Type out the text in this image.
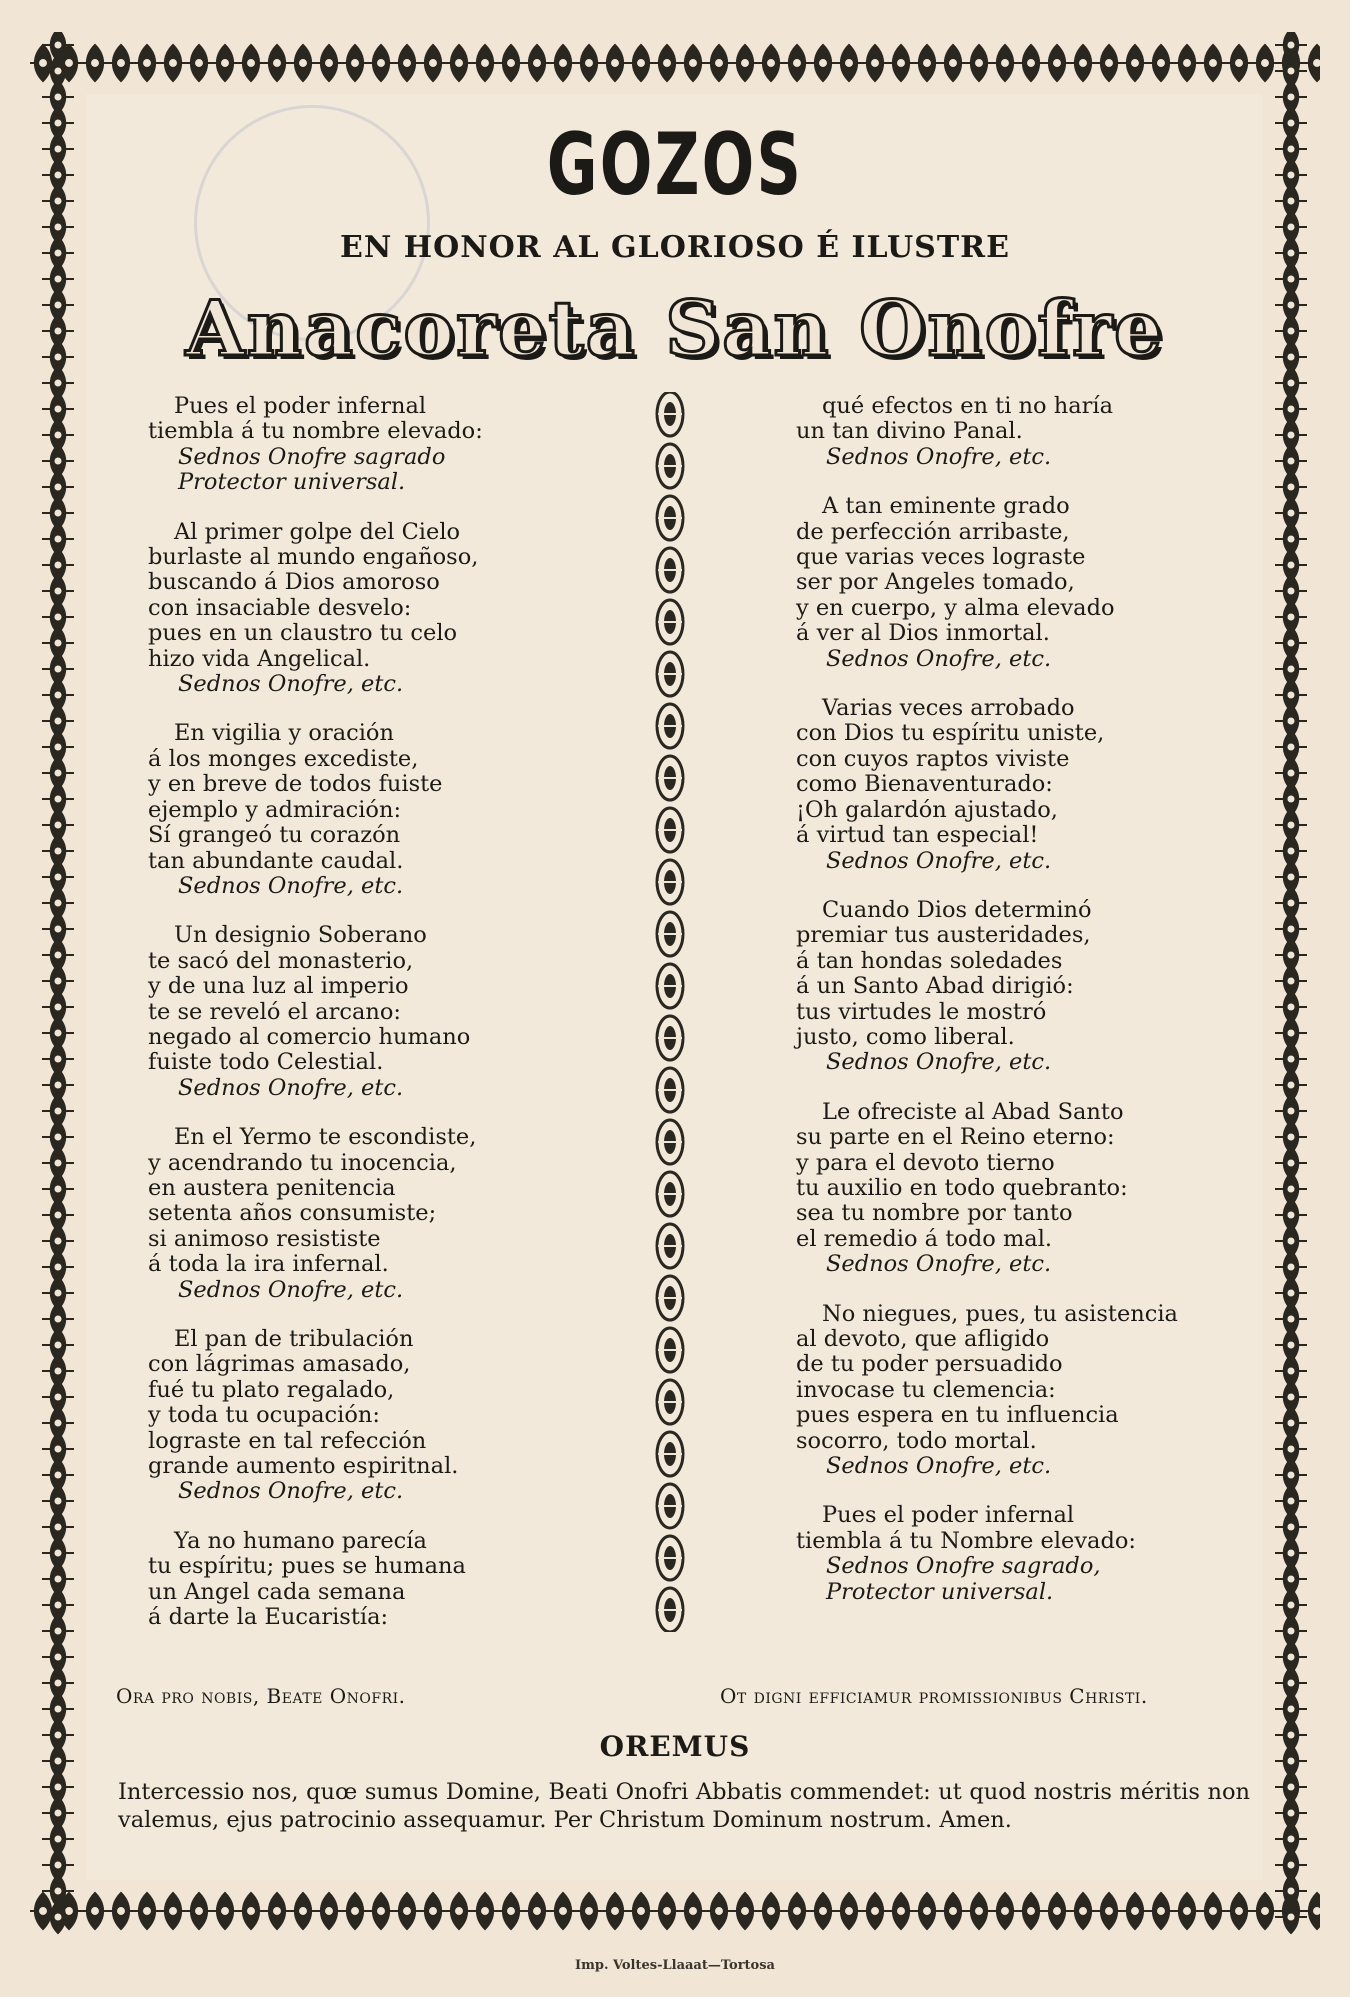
GOZOS
EN HONOR AL GLORIOSO É ILUSTRE
Anacoreta San Onofre
Pues el poder infernal
tiembla á tu nombre elevado:
Sednos Onofre sagrado
Protector universal.
Al primer golpe del Cielo
burlaste al mundo engañoso,
buscando á Dios amoroso
con insaciable desvelo:
pues en un claustro tu celo
hizo vida Angelical.
Sednos Onofre, etc.
En vigilia y oración
á los monges excediste,
y en breve de todos fuiste
ejemplo y admiración:
Sí grangeó tu corazón
tan abundante caudal.
Sednos Onofre, etc.
Un designio Soberano
te sacó del monasterio,
y de una luz al imperio
te se reveló el arcano:
negado al comercio humano
fuiste todo Celestial.
Sednos Onofre, etc.
En el Yermo te escondiste,
y acendrando tu inocencia,
en austera penitencia
setenta años consumiste;
si animoso resististe
á toda la ira infernal.
Sednos Onofre, etc.
El pan de tribulación
con lágrimas amasado,
fué tu plato regalado,
y toda tu ocupación:
lograste en tal refección
grande aumento espiritnal.
Sednos Onofre, etc.
Ya no humano parecía
tu espíritu; pues se humana
un Angel cada semana
á darte la Eucaristía:
qué efectos en ti no haría
un tan divino Panal.
Sednos Onofre, etc.
A tan eminente grado
de perfección arribaste,
que varias veces lograste
ser por Angeles tomado,
y en cuerpo, y alma elevado
á ver al Dios inmortal.
Sednos Onofre, etc.
Varias veces arrobado
con Dios tu espíritu uniste,
con cuyos raptos viviste
como Bienaventurado:
¡Oh galardón ajustado,
á virtud tan especial!
Sednos Onofre, etc.
Cuando Dios determinó
premiar tus austeridades,
á tan hondas soledades
á un Santo Abad dirigió:
tus virtudes le mostró
justo, como liberal.
Sednos Onofre, etc.
Le ofreciste al Abad Santo
su parte en el Reino eterno:
y para el devoto tierno
tu auxilio en todo quebranto:
sea tu nombre por tanto
el remedio á todo mal.
Sednos Onofre, etc.
No niegues, pues, tu asistencia
al devoto, que afligido
de tu poder persuadido
invocase tu clemencia:
pues espera en tu influencia
socorro, todo mortal.
Sednos Onofre, etc.
Pues el poder infernal
tiembla á tu Nombre elevado:
Sednos Onofre sagrado,
Protector universal.
Ora pro nobis, Beate Onofri.	Ot digni efficiamur promissionibus Christi.
OREMUS
Intercessio nos, quœ sumus Domine, Beati Onofri Abbatis commendet: ut quod nostris méritis non valemus, ejus patrocinio assequamur. Per Christum Dominum nostrum. Amen.
Imp. Voltes-Llaaat—Tortosa
